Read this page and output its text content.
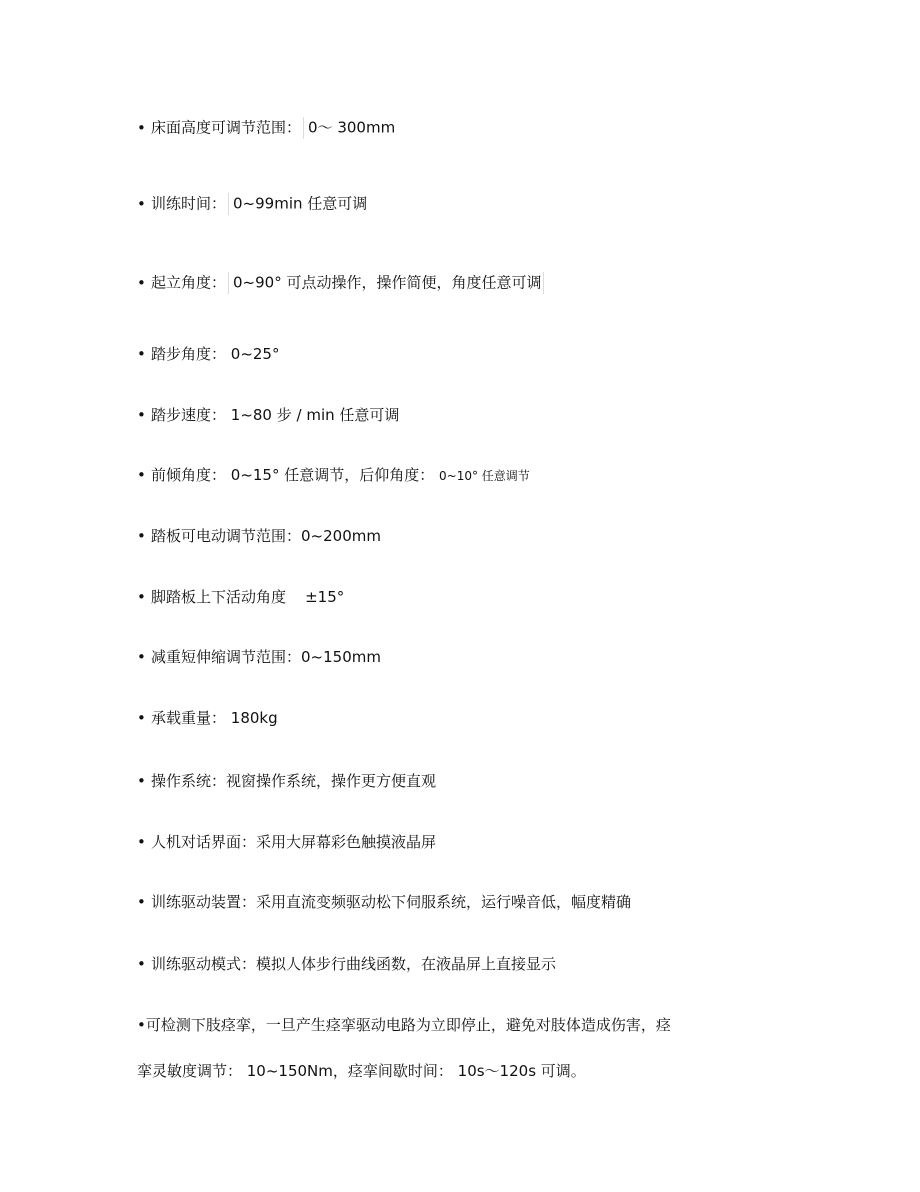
• 床面高度可调节范围： 0～ 300mm
• 训练时间： 0~99min 任意可调
• 起立角度： 0~90° 可点动操作，操作简便，角度任意可调
• 踏步角度： 0~25°
• 踏步速度： 1~80 步 / min 任意可调
• 前倾角度： 0~15° 任意调节，后仰角度： 0~10° 任意调节
• 踏板可电动调节范围：0~200mm
• 脚踏板上下活动角度    ±15°
• 减重短伸缩调节范围：0~150mm
• 承载重量： 180kg
• 操作系统：视窗操作系统，操作更方便直观
• 人机对话界面：采用大屏幕彩色触摸液晶屏
• 训练驱动装置：采用直流变频驱动松下伺服系统，运行噪音低，幅度精确
• 训练驱动模式：模拟人体步行曲线函数，在液晶屏上直接显示
•可检测下肢痉挛，一旦产生痉挛驱动电路为立即停止，避免对肢体造成伤害，痉
挛灵敏度调节： 10~150Nm，痉挛间歇时间： 10s～120s 可调。
